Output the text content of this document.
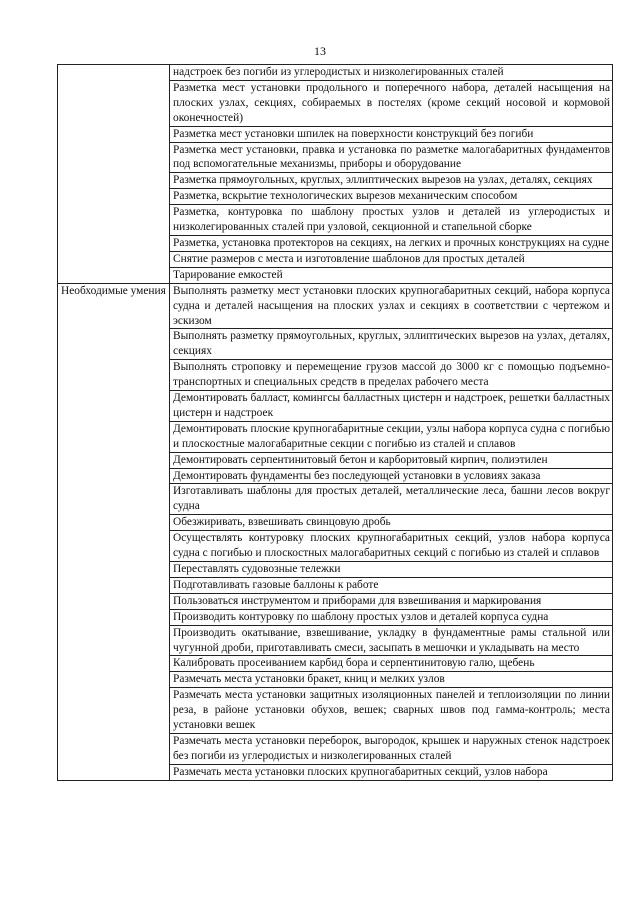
13
	надстроек без погиби из углеродистых и низколегированных сталей
	Разметка мест установки продольного и поперечного набора, деталей насыщения на плоских узлах, секциях, собираемых в постелях (кроме секций носовой и кормовой оконечностей)
	Разметка мест установки шпилек на поверхности конструкций без погиби
	Разметка мест установки, правка и установка по разметке малогабаритных фундаментов под вспомогательные механизмы, приборы и оборудование
	Разметка прямоугольных, круглых, эллиптических вырезов на узлах, деталях, секциях
	Разметка, вскрытие технологических вырезов механическим способом
	Разметка, контуровка по шаблону простых узлов и деталей из углеродистых и низколегированных сталей при узловой, секционной и стапельной сборке
	Разметка, установка протекторов на секциях, на легких и прочных конструкциях на судне
	Снятие размеров с места и изготовление шаблонов для простых деталей
	Тарирование емкостей
Необходимые умения	Выполнять разметку мест установки плоских крупногабаритных секций, набора корпуса судна и деталей насыщения на плоских узлах и секциях в соответствии с чертежом и эскизом
	Выполнять разметку прямоугольных, круглых, эллиптических вырезов на узлах, деталях, секциях
	Выполнять строповку и перемещение грузов массой до 3000 кг с помощью подъемно-транспортных и специальных средств в пределах рабочего места
	Демонтировать балласт, комингсы балластных цистерн и надстроек, решетки балластных цистерн и надстроек
	Демонтировать плоские крупногабаритные секции, узлы набора корпуса судна с погибью и плоскостные малогабаритные секции с погибью из сталей и сплавов
	Демонтировать серпентинитовый бетон и карборитовый кирпич, полиэтилен
	Демонтировать фундаменты без последующей установки в условиях заказа
	Изготавливать шаблоны для простых деталей, металлические леса, башни лесов вокруг судна
	Обезжиривать, взвешивать свинцовую дробь
	Осуществлять контуровку плоских крупногабаритных секций, узлов набора корпуса судна с погибью и плоскостных малогабаритных секций с погибью из сталей и сплавов
	Переставлять судовозные тележки
	Подготавливать газовые баллоны к работе
	Пользоваться инструментом и приборами для взвешивания и маркирования
	Производить контуровку по шаблону простых узлов и деталей корпуса судна
	Производить окатывание, взвешивание, укладку в фундаментные рамы стальной или чугунной дроби, приготавливать смеси, засыпать в мешочки и укладывать на место
	Калибровать просеиванием карбид бора и серпентинитовую галю, щебень
	Размечать места установки бракет, книц и мелких узлов
	Размечать места установки защитных изоляционных панелей и теплоизоляции по линии реза, в районе установки обухов, вешек; сварных швов под гамма-контроль; места установки вешек
	Размечать места установки переборок, выгородок, крышек и наружных стенок надстроек без погиби из углеродистых и низколегированных сталей
	Размечать места установки плоских крупногабаритных секций, узлов набора
